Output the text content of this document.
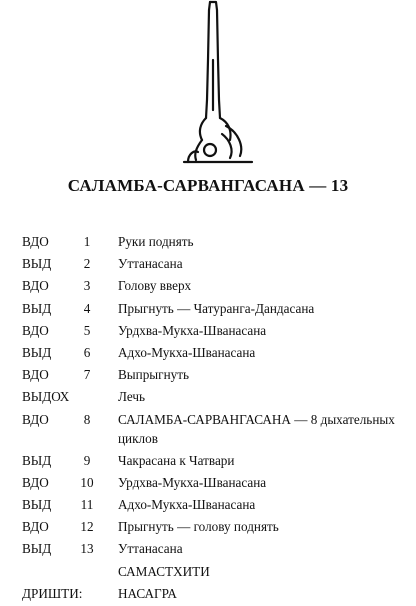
САЛАМБА-САРВАНГАСАНА — 13
ВДО	1	Руки поднять
ВЫД	2	Уттанасана
ВДО	3	Голову вверх
ВЫД	4	Прыгнуть — Чатуранга-Дандасана
ВДО	5	Урдхва-Мукха-Шванасана
ВЫД	6	Адхо-Мукха-Шванасана
ВДО	7	Выпрыгнуть
ВЫДОХ	Лечь
ВДО	8	САЛАМБА-САРВАНГАСАНА — 8 дыхательных
циклов
ВЫД	9	Чакрасана к Чатвари
ВДО 10 Урдхва-Мукха-Шванасана
ВЫД 11 Адхо-Мукха-Шванасана
ВДО 12 Прыгнуть — голову поднять
ВЫД 13 Уттанасана
САМАСТХИТИ
ДРИШТИ:	НАСАГРА
